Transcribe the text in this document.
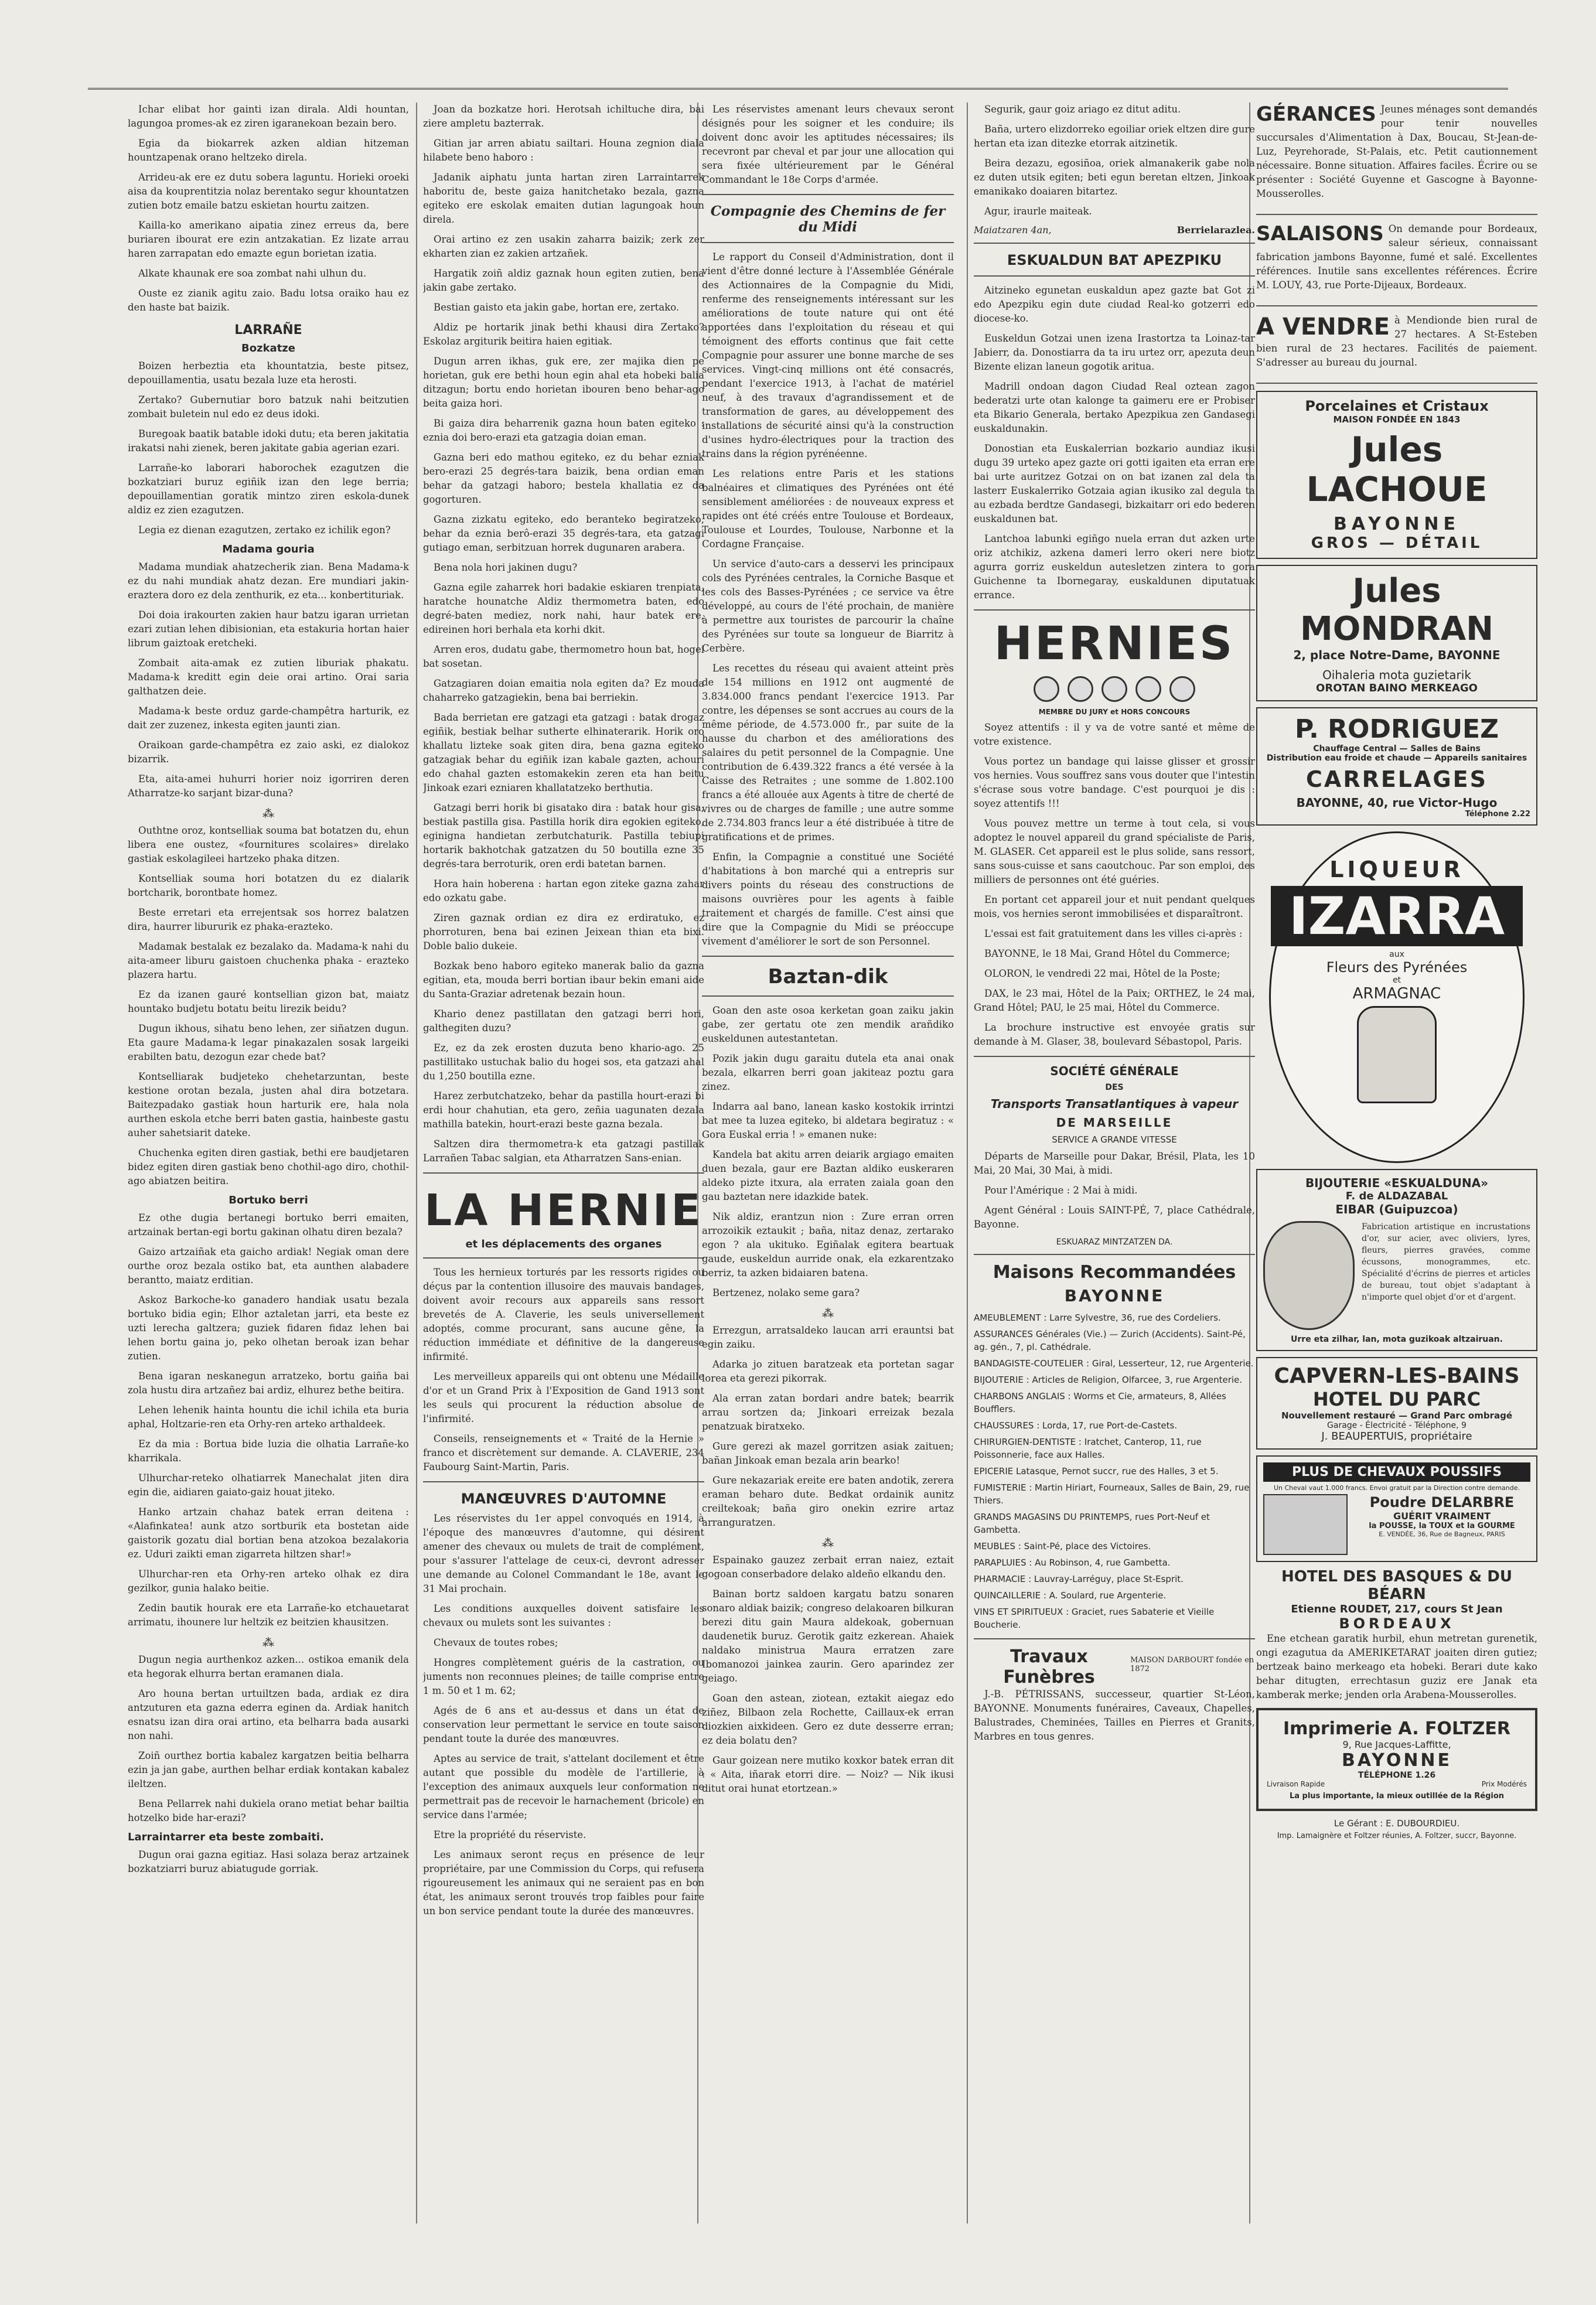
Ichar elibat hor gainti izan dirala. Aldi hountan, lagungoa promes-ak ez ziren igaranekoan bezain bero.

Egia da biokarrek azken aldian hitzeman hountzapenak orano heltzeko direla.

Arrideu-ak ere ez dutu sobera laguntu. Horieki oroeki aisa da kouprentitzia nolaz berentako segur khountatzen zutien botz emaile batzu eskietan hourtu zaitzen.

Kailla-ko amerikano aipatia zinez erreus da, bere buriaren ibourat ere ezin antzakatian. Ez lizate arrau haren zarrapatan edo emazte egun borietan izatia.

Alkate khaunak ere soa zombat nahi ulhun du.

Ouste ez zianik agitu zaio. Badu lotsa oraiko hau ez den haste bat baizik.

LARRAÑE
Bozkatze

Boizen herbeztia eta khountatzia, beste pitsez, depouillamentia, usatu bezala luze eta herosti.

Zertako? Gubernutiar boro batzuk nahi beitzutien zombait buletein nul edo ez deus idoki.

Buregoak baatik batable idoki dutu; eta beren jakitatia irakatsi nahi zienek, beren jakitate gabia agerian ezari.

Larrañe-ko laborari haborochek ezagutzen die bozkatziari buruz egiñik izan den lege berria; depouillamentian goratik mintzo ziren eskola-dunek aldiz ez zien ezagutzen.

Legia ez dienan ezagutzen, zertako ez ichilik egon?

Madama gouria

Madama mundiak ahatzecherik zian. Bena Madama-k ez du nahi mundiak ahatz dezan. Ere mundiari jakin-eraztera doro ez dela zenthurik, ez eta... konbertituriak.

Doi doia irakourten zakien haur batzu igaran urrietan ezari zutian lehen dibisionian, eta estakuria hortan haier librum gaiztoak eretcheki.

Zombait aita-amak ez zutien liburiak phakatu. Madama-k kreditt egin deie orai artino. Orai saria galthatzen deie.

Madama-k beste orduz garde-champêtra harturik, ez dait zer zuzenez, inkesta egiten jaunti zian.

Oraikoan garde-champêtra ez zaio aski, ez dialokoz bizarrik.

Eta, aita-amei huhurri horier noiz igorriren deren Atharratze-ko sarjant bizar-duna?

⁂

Outhtne oroz, kontselliak souma bat botatzen du, ehun libera ene oustez, «fournitures scolaires» direlako gastiak eskolagileei hartzeko phaka ditzen.

Kontselliak souma hori botatzen du ez dialarik bortcharik, borontbate homez.

Beste erretari eta errejentsak sos horrez balatzen dira, haurrer libururik ez phaka-eraztekο.

Madamak bestalak ez bezalako da. Madama-k nahi du aita-ameer liburu gaistoen chuchenka phaka - erazteko plazera hartu.

Ez da izanen gauré kontsellian gizon bat, maiatz hountako budjetu botatu beitu lirezik beidu?

Dugun ikhous, sihatu beno lehen, zer siñatzen dugun. Eta gaure Madama-k legar pinakazalen sosak largeiki erabilten batu, dezogun ezar chede bat?

Kontselliarak budjeteko chehetarzuntan, beste kestione orotan bezala, justen ahal dira botzetara. Baitezpadako gastiak houn harturik ere, hala nola aurthen eskola etche berri baten gastia, hainbeste gastu auher sahetsiarit dateke.

Chuchenka egiten diren gastiak, bethi ere baudjetaren bidez egiten diren gastiak beno chothil-ago diro, chothil-ago abiatzen beitira.

Bortuko berri

Ez othe dugia bertanegi bortuko berri emaiten, artzainak bertan-egi bortu gakinan olhatu diren bezala?

Gaizo artzaiñak eta gaicho ardiak! Negiak oman dere ourthe oroz bezala ostiko bat, eta aunthen alabadere berantto, maiatz erditian.

Askoz Barkoche-ko ganadero handiak usatu bezala bortuko bidia egin; Elhor aztaletan jarri, eta beste ez uzti lerecha galtzera; guziek fidaren fidaz lehen bai lehen bortu gaina jo, peko olhetan beroak izan behar zutien.

Bena igaran neskanegun arratzeko, bortu gaiña bai zola hustu dira artzañez bai ardiz, elhurez bethe beitira.

Lehen lehenik hainta hountu die ichil ichila eta buria aphal, Holtzarie-ren eta Orhy-ren arteko arthaldeek.

Ez da mia : Bortua bide luzia die olhatia Larrañe-ko kharrikala.

Ulhurchar-reteko olhatiarrek Manechalat jiten dira egin die, aidiaren gaiato-gaiz houat jiteko.

Hanko artzain chahaz batek erran deitena : «Alafinkatea! aunk atzo sortburik eta bostetan aide gaistorik gozatu dial bortian bena atzokoa bezalakoria ez. Uduri zaikti eman zigarreta hiltzen shar!»

Ulhurchar-ren eta Orhy-ren arteko olhak ez dira gezilkor, gunia halako beitie.

Zedin bautik hourak ere eta Larrañe-ko etchauetarat arrimatu, ihounere lur heltzik ez beitzien khausitzen.

⁂

Dugun negia aurthenkoz azken... ostikoa emanik dela eta hegorak elhurra bertan eramanen diala.

Aro houna bertan urtuiltzen bada, ardiak ez dira antzuturen eta gazna ederra eginen da. Ardiak hanitch esnatsu izan dira orai artino, eta belharra bada ausarki non nahi.

Zoiñ ourthez bortia kabalez kargatzen beitia belharra ezin ja jan gabe, aurthen belhar erdiak kontakan kabalez ileltzen.

Bena Pellarrek nahi dukiela orano metiat behar bailtia hotzelko bide har-erazi?

Larraintarrer eta beste zombaiti.

Dugun orai gazna egitiaz. Hasi solaza beraz artzainek bozkatziarri buruz abiatugude gorriak.

Joan da bozkatze hori. Herotsah ichiltuche dira, bai ziere ampletu bazterrak.

Gitian jar arren abiatu sailtari. Houna zegnion diala hilabete beno haboro :

Jadanik aiphatu junta hartan ziren Larraintarrek haboritu de, beste gaiza hanitchetako bezala, gazna egiteko ere eskolak emaiten dutian lagungoak houn direla.

Orai artino ez zen usakin zaharra baizik; zerk zer ekharten zian ez zakien artzañek.

Hargatik zoiñ aldiz gaznak houn egiten zutien, bena jakin gabe zertako.

Bestian gaisto eta jakin gabe, hortan ere, zertako.

Aldiz pe hortarik jinak bethi khausi dira Zertako? Eskolaz argiturik beitira haien egitiak.

Dugun arren ikhas, guk ere, zer majika dien pe horietan, guk ere bethi houn egin ahal eta hobeki balia ditzagun; bortu endo horietan ibouren beno behar-ago beita gaiza hori.

Bi gaiza dira beharrenik gazna houn baten egiteko : eznia doi bero-erazi eta gatzagia doian eman.

Gazna beri edo mathou egiteko, ez du behar ezniak bero-erazi 25 degrés-tara baizik, bena ordian eman behar da gatzagi haboro; bestela khallatia ez da gogorturen.

Gazna zizkatu egiteko, edo beranteko begiratzeko, behar da eznia berô-erazi 35 degrés-tara, eta gatzagi gutiago eman, serbitzuan horrek dugunaren arabera.

Bena nola hori jakinen dugu?

Gazna egile zaharrek hori badakie eskiaren trenpiata, haratche hounatche Aldiz thermometra baten, edo degré-baten mediez, nork nahi, haur batek ere, edireinen hori berhala eta korhi dkit.

Arren eros, dudatu gabe, thermometro houn bat, hogei bat sosetan.

Gatzagiaren doian emaitia nola egiten da? Ez mouda chaharreko gatzagiekin, bena bai berriekin.

Bada berrietan ere gatzagi eta gatzagi : batak drogaz egiñik, bestiak belhar sutherte elhinaterarik. Horik oro khallatu lizteke soak giten dira, bena gazna egiteko gatzagiak behar du egiñik izan kabale gazten, achouri edo chahal gazten estomakekin zeren eta han beitu Jinkoak ezari ezniaren khallatatzeko berthutia.

Gatzagi berri horik bi gisatako dira : batak hour gisa, bestiak pastilla gisa. Pastilla horik dira egokien egiteko, eginigna handietan zerbutchaturik. Pastilla tebiupi hortarik bakhotchak gatzatzen du 50 boutilla ezne 35 degrés-tara berroturik, oren erdi batetan barnen.

Hora hain hoberena : hartan egon ziteke gazna zahar edo ozkatu gabe.

Ziren gaznak ordian ez dira ez erdiratuko, ez phorroturen, bena bai ezinen Jeixean thian eta bixi. Doble balio dukeie.

Bozkak beno haboro egiteko manerak balio da gazna egitian, eta, mouda berri bortian ibaur bekin emani aide du Santa-Graziar adretenak bezain houn.

Khario denez pastillatan den gatzagi berri hori, galthegiten duzu?

Ez, ez da zek erosten duzuta beno khario-ago. 25 pastillitako ustuchak balio du hogei sos, eta gatzazi ahal du 1,250 boutilla ezne.

Harez zerbutchatzeko, behar da pastilla hourt-erazi bi erdi hour chahutian, eta gero, zeñia uagunaten dezala mathilla batekin, hourt-erazi beste gazna bezala.

Saltzen dira thermometra-k eta gatzagi pastillak Larrañen Tabac salgian, eta Atharratzen Sans-enian.

LA HERNIE
et les déplacements des organes

Tous les hernieux torturés par les ressorts rigides ou déçus par la contention illusoire des mauvais bandages, doivent avoir recours aux appareils sans ressort brevetés de A. Claverie, les seuls universellement adoptés, comme procurant, sans aucune gêne, la réduction immédiate et définitive de la dangereuse infirmité.

Les merveilleux appareils qui ont obtenu une Médaille d'or et un Grand Prix à l'Exposition de Gand 1913 sont les seuls qui procurent la réduction absolue de l'infirmité.

Conseils, renseignements et « Traité de la Hernie » franco et discrètement sur demande. A. CLAVERIE, 234 Faubourg Saint-Martin, Paris.

MANŒUVRES D'AUTOMNE

Les réservistes du 1er appel convoqués en 1914, à l'époque des manœuvres d'automne, qui désirent amener des chevaux ou mulets de trait de complément, pour s'assurer l'attelage de ceux-ci, devront adresser une demande au Colonel Commandant le 18e, avant le 31 Mai prochain.

Les conditions auxquelles doivent satisfaire les chevaux ou mulets sont les suivantes :

Chevaux de toutes robes;

Hongres complètement guéris de la castration, ou juments non reconnues pleines; de taille comprise entre 1 m. 50 et 1 m. 62;

Agés de 6 ans et au-dessus et dans un état de conservation leur permettant le service en toute saison pendant toute la durée des manœuvres.

Aptes au service de trait, s'attelant docilement et être autant que possible du modèle de l'artillerie, à l'exception des animaux auxquels leur conformation ne permettrait pas de recevoir le harnachement (bricole) en service dans l'armée;

Etre la propriété du réserviste.

Les animaux seront reçus en présence de leur propriétaire, par une Commission du Corps, qui refusera rigoureusement les animaux qui ne seraient pas en bon état, les animaux seront trouvés trop faibles pour faire un bon service pendant toute la durée des manœuvres.

Les réservistes amenant leurs chevaux seront désignés pour les soigner et les conduire; ils doivent donc avoir les aptitudes nécessaires; ils recevront par cheval et par jour une allocation qui sera fixée ultérieurement par le Général Commandant le 18e Corps d'armée.

Compagnie des Chemins de fer du Midi

Le rapport du Conseil d'Administration, dont il vient d'être donné lecture à l'Assemblée Générale des Actionnaires de la Compagnie du Midi, renferme des renseignements intéressant sur les améliorations de toute nature qui ont été apportées dans l'exploitation du réseau et qui témoignent des efforts continus que fait cette Compagnie pour assurer une bonne marche de ses services. Vingt-cinq millions ont été consacrés, pendant l'exercice 1913, à l'achat de matériel neuf, à des travaux d'agrandissement et de transformation de gares, au développement des installations de sécurité ainsi qu'à la construction d'usines hydro-électriques pour la traction des trains dans la région pyrénéenne.

Les relations entre Paris et les stations balnéaires et climatiques des Pyrénées ont été sensiblement améliorées : de nouveaux express et rapides ont été créés entre Toulouse et Bordeaux, Toulouse et Lourdes, Toulouse, Narbonne et la Cordagne Française.

Un service d'auto-cars a desservi les principaux cols des Pyrénées centrales, la Corniche Basque et les cols des Basses-Pyrénées ; ce service va être développé, au cours de l'été prochain, de manière à permettre aux touristes de parcourir la chaîne des Pyrénées sur toute sa longueur de Biarritz à Cerbère.

Les recettes du réseau qui avaient atteint près de 154 millions en 1912 ont augmenté de 3.834.000 francs pendant l'exercice 1913. Par contre, les dépenses se sont accrues au cours de la même période, de 4.573.000 fr., par suite de la hausse du charbon et des améliorations des salaires du petit personnel de la Compagnie. Une contribution de 6.439.322 francs a été versée à la Caisse des Retraites ; une somme de 1.802.100 francs a été allouée aux Agents à titre de cherté de vivres ou de charges de famille ; une autre somme de 2.734.803 francs leur a été distribuée à titre de gratifications et de primes.

Enfin, la Compagnie a constitué une Société d'habitations à bon marché qui a entrepris sur divers points du réseau des constructions de maisons ouvrières pour les agents à faible traitement et chargés de famille. C'est ainsi que dire que la Compagnie du Midi se préoccupe vivement d'améliorer le sort de son Personnel.

Baztan-dik

Goan den aste osoa kerketan goan zaiku jakin gabe, zer gertatu ote zen mendik arañdiko euskeldunen autestantetan.

Pozik jakin dugu garaitu dutela eta anai onak bezala, elkarren berri goan jakiteaz poztu gara zinez.

Indarra aal bano, lanean kasko kostokik irrintzi bat mee ta luzea egiteko, bi aldetara begiratuz : « Gora Euskal erria ! » emanen nuke:

Kandela bat akitu arren deiarik argiago emaiten duen bezala, gaur ere Baztan aldiko euskeraren aldeko pizte itxura, ala erraten zaiala goan den gau baztetan nere idazkide batek.

Nik aldiz, erantzun nion : Zure erran orren arrozoikik eztaukit ; baña, nitaz denaz, zertarako egon ? ala ukituko. Egiñalak egitera beartuak gaude, euskeldun aurride onak, ela ezkarentzako berriz, ta azken bidaiaren batena.

Bertzenez, nolako seme gara?

⁂

Errezgun, arratsaldeko laucan arri erauntsi bat egin zaiku.

Adarka jo zituen baratzeak eta portetan sagar lorea eta gerezi pikorrak.

Ala erran zatan bordari andre batek; bearrik arrau sortzen da; Jinkoari erreizak bezala penatzuak biratxeko.

Gure gerezi ak mazel gorritzen asiak zaituen; bañan Jinkoak eman bezala arin bearko!

Gure nekazariak ereite ere baten andotik, zerera eraman beharo dute. Bedkat ordainik aunitz creiltekoak; baña giro onekin ezrire artaz arranguratzen.

⁂

Espainako gauzez zerbait erran naiez, eztait gogoan conserbadore delako aldeño elkandu den.

Bainan bortz saldoen kargatu batzu sonaren sonaro aldiak baizik; congreso delakoaren bilkuran berezi ditu gain Maura aldekoak, gobernuan daudenetik buruz. Gerotik gaitz ezkerean. Ahaiek naldako ministrua Maura erratzen zare Ibomanozoi jainkea zaurin. Gero aparindez zer geiago.

Goan den astean, ziotean, eztakit aiegaz edo ziñez, Bilbaon zela Rochette, Caillaux-ek erran diozkien aixkideen. Gero ez dute desserre erran; ez deia bolatu den?

Gaur goizean nere mutiko koxkor batek erran dit : « Aita, iñarak etorri dire. — Noiz? — Nik ikusi ditut orai hunat etortzean.»

Segurik, gaur goiz ariago ez ditut aditu.

Baña, urtero elizdorreko egoiliar oriek eltzen dire gure hertan eta izan ditezke etorrak aitzinetik.

Beira dezazu, egosiñoa, oriek almanakerik gabe nola ez duten utsik egiten; beti egun beretan eltzen, Jinkoak emanikako doaiaren bitartez.

Agur, iraurle maiteak.

Maiatzaren 4an,	Berrielarazlea.
ESKUALDUN BAT APEZPIKU

Aitzineko egunetan euskaldun apez gazte bat Got zi edo Apezpiku egin dute ciudad Real-ko gotzerri edo diocese-ko.

Euskeldun Gotzai unen izena Irastortza ta Loinaz-tar Jabierr, da. Donostiarra da ta iru urtez orr, apezuta deun Bizente elizan laneun gogotik aritua.

Madrill ondoan dagon Ciudad Real oztean zagon bederatzi urte otan kalonge ta gaimeru ere er Probiser eta Bikario Generala, bertako Apezpikua zen Gandasegi euskaldunakin.

Donostian eta Euskalerrian bozkario aundiaz ikusi dugu 39 urteko apez gazte ori gotti igaiten eta erran ere bai urte auritzez Gotzai on on bat izanen zal dela ta lasterr Euskalerriko Gotzaia agian ikusiko zal degula ta au ezbada berdtze Gandasegi, bizkaitarr ori edo bederen euskaldunen bat.

Lantchoa labunki egiñgo nuela erran dut azken urte oriz atchikiz, azkena dameri lerro okeri nere biotz agurra gorriz euskeldun autesletzen zintera to gora Guichenne ta Ibornegaray, euskaldunen diputatuak errance.

HERNIES
MEMBRE DU JURY et HORS CONCOURS

Soyez attentifs : il y va de votre santé et même de votre existence.

Vous portez un bandage qui laisse glisser et grossir vos hernies. Vous souffrez sans vous douter que l'intestin s'écrase sous votre bandage. C'est pourquoi je dis : soyez attentifs !!!

Vous pouvez mettre un terme à tout cela, si vous adoptez le nouvel appareil du grand spécialiste de Paris, M. GLASER. Cet appareil est le plus solide, sans ressort, sans sous-cuisse et sans caoutchouc. Par son emploi, des milliers de personnes ont été guéries.

En portant cet appareil jour et nuit pendant quelques mois, vos hernies seront immobilisées et disparaîtront.

L'essai est fait gratuitement dans les villes ci-après :

BAYONNE, le 18 Mai, Grand Hôtel du Commerce;

OLORON, le vendredi 22 mai, Hôtel de la Poste;

DAX, le 23 mai, Hôtel de la Paix; ORTHEZ, le 24 mai, Grand Hôtel; PAU, le 25 mai, Hôtel du Commerce.

La brochure instructive est envoyée gratis sur demande à M. Glaser, 38, boulevard Sébastopol, Paris.

SOCIÉTÉ GÉNÉRALE
DES
Transports Transatlantiques à vapeur
DE MARSEILLE
SERVICE A GRANDE VITESSE

Départs de Marseille pour Dakar, Brésil, Plata, les 10 Mai, 20 Mai, 30 Mai, à midi.

Pour l'Amérique : 2 Mai à midi.

Agent Général : Louis SAINT-PÉ, 7, place Cathédrale, Bayonne.

ESKUARAZ MINTZATZEN DA.
Maisons Recommandées
BAYONNE

AMEUBLEMENT : Larre Sylvestre, 36, rue des Cordeliers.

ASSURANCES Générales (Vie.) — Zurich (Accidents). Saint-Pé, ag. gén., 7, pl. Cathédrale.

BANDAGISTE-COUTELIER : Giral, Lesserteur, 12, rue Argenterie.

BIJOUTERIE : Articles de Religion, Olfarcee, 3, rue Argenterie.

CHARBONS ANGLAIS : Worms et Cie, armateurs, 8, Allées Boufflers.

CHAUSSURES : Lorda, 17, rue Port-de-Castets.

CHIRURGIEN-DENTISTE : Iratchet, Canterop, 11, rue Poissonnerie, face aux Halles.

EPICERIE Latasque, Pernot succr, rue des Halles, 3 et 5.

FUMISTERIE : Martin Hiriart, Fourneaux, Salles de Bain, 29, rue Thiers.

GRANDS MAGASINS DU PRINTEMPS, rues Port-Neuf et Gambetta.

MEUBLES : Saint-Pé, place des Victoires.

PARAPLUIES : Au Robinson, 4, rue Gambetta.

PHARMACIE : Lauvray-Larréguy, place St-Esprit.

QUINCAILLERIE : A. Soulard, rue Argenterie.

VINS ET SPIRITUEUX : Graciet, rues Sabaterie et Vieille Boucherie.

Travaux Funèbres
MAISON DARBOURT fondée en 1872

J.-B. PÉTRISSANS, successeur, quartier St-Léon, BAYONNE. Monuments funéraires, Caveaux, Chapelles, Balustrades, Cheminées, Tailles en Pierres et Granits, Marbres en tous genres.

GÉRANCES Jeunes ménages sont demandés pour tenir nouvelles succursales d'Alimentation à Dax, Boucau, St-Jean-de-Luz, Peyrehorade, St-Palais, etc. Petit cautionnement nécessaire. Bonne situation. Affaires faciles. Écrire ou se présenter : Société Guyenne et Gascogne à Bayonne-Mousserolles.

SALAISONS On demande pour Bordeaux, saleur sérieux, connaissant fabrication jambons Bayonne, fumé et salé. Excellentes références. Inutile sans excellentes références. Écrire M. LOUY, 43, rue Porte-Dijeaux, Bordeaux.

A VENDRE à Mendionde bien rural de 27 hectares. A St-Esteben bien rural de 23 hectares. Facilités de paiement. S'adresser au bureau du journal.

Porcelaines et Cristaux
MAISON FONDÉE EN 1843
Jules LACHOUE
BAYONNE
GROS — DÉTAIL
Jules MONDRAN
2, place Notre-Dame, BAYONNE
Oihaleria mota guzietarik
OROTAN BAINO MERKEAGO
P. RODRIGUEZ
Chauffage Central — Salles de Bains
Distribution eau froide et chaude — Appareils sanitaires
CARRELAGES
BAYONNE, 40, rue Victor-Hugo
Téléphone 2.22
LIQUEUR
IZARRA
aux
Fleurs des Pyrénées
et
ARMAGNAC
BIJOUTERIE «ESKUALDUNA»
F. de ALDAZABAL
EIBAR (Guipuzcoa)

Fabrication artistique en incrustations d'or, sur acier, avec oliviers, lyres, fleurs, pierres gravées, comme écussons, monogrammes, etc. Spécialité d'écrins de pierres et articles de bureau, tout objet s'adaptant à n'importe quel objet d'or et d'argent.

Urre eta zilhar, lan, mota guzikoak altzairuan.
CAPVERN-LES-BAINS
HOTEL DU PARC
Nouvellement restauré — Grand Parc ombragé
Garage - Électricité - Téléphone, 9
J. BEAUPERTUIS, propriétaire
PLUS DE CHEVAUX POUSSIFS
Un Cheval vaut 1.000 francs. Envoi gratuit par la Direction contre demande.
Poudre DELARBRE
GUÉRIT VRAIMENT
la POUSSE, la TOUX et la GOURME
E. VENDÉE, 36, Rue de Bagneux, PARIS
HOTEL DES BASQUES & DU BÉARN
Etienne ROUDET, 217, cours St Jean
BORDEAUX

Ene etchean garatik hurbil, ehun metretan gurenetik, ongi ezagutua da AMERIKETARAT joaiten diren gutiez; bertzeak baino merkeago eta hobeki. Berari dute kako behar ditugten, errechtasun guziz ere Janak eta kamberak merke; jenden orla Arabena-Mousserolles.

Imprimerie A. FOLTZER
9, Rue Jacques-Laffitte,
BAYONNE
TÉLÉPHONE 1.26
Livraison Rapide	Prix Modérés
La plus importante, la mieux outillée de la Région
Le Gérant : E. DUBOURDIEU.
Imp. Lamaignère et Foltzer réunies, A. Foltzer, succr, Bayonne.
